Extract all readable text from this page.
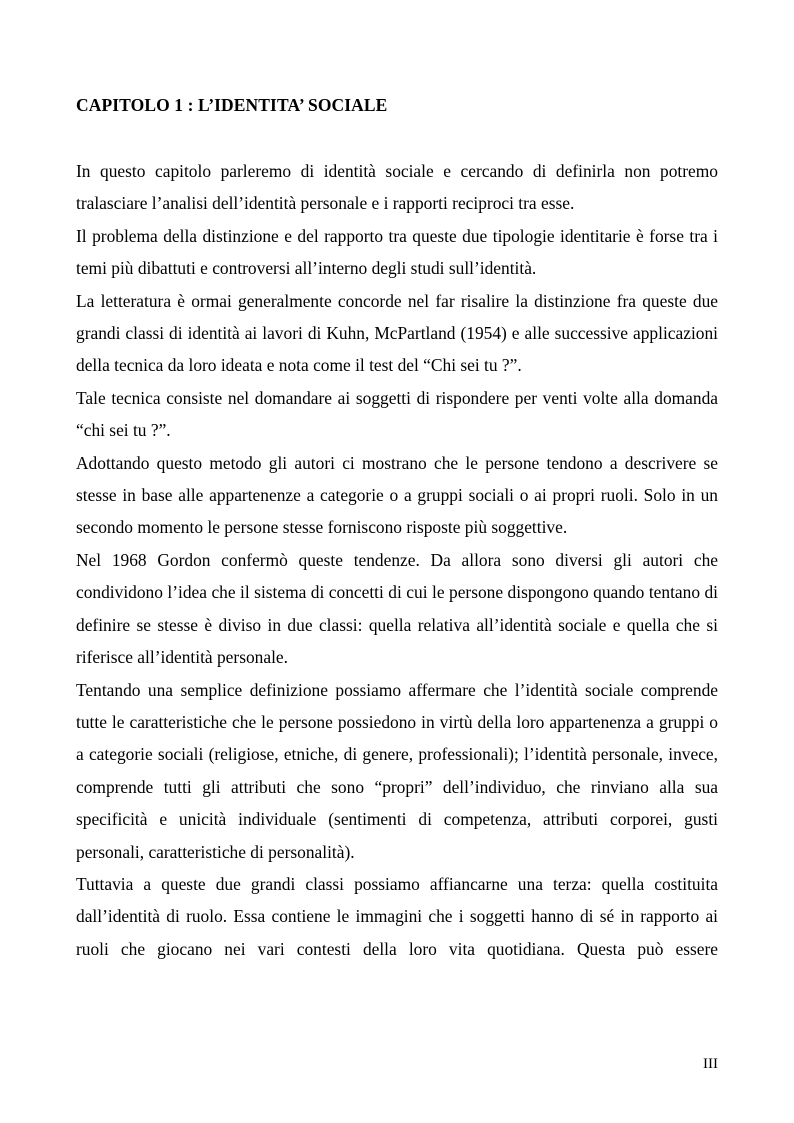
CAPITOLO 1 : L’IDENTITA’ SOCIALE

In questo capitolo parleremo di identità sociale e cercando di definirla non potremo tralasciare l’analisi dell’identità personale e i rapporti reciproci tra esse.

Il problema della distinzione e del rapporto tra queste due tipologie identitarie è forse tra i temi più dibattuti e controversi all’interno degli studi sull’identità.

La letteratura è ormai generalmente concorde nel far risalire la distinzione fra queste due grandi classi di identità ai lavori di Kuhn, McPartland (1954) e alle successive applicazioni della tecnica da loro ideata e nota come il test del “Chi sei tu ?”.

Tale tecnica consiste nel domandare ai soggetti di rispondere per venti volte alla domanda “chi sei tu ?”.

Adottando questo metodo gli autori ci mostrano che le persone tendono a descrivere se stesse in base alle appartenenze a categorie o a gruppi sociali o ai propri ruoli. Solo in un secondo momento le persone stesse forniscono risposte più soggettive.

Nel 1968 Gordon confermò queste tendenze. Da allora sono diversi gli autori che condividono l’idea che il sistema di concetti di cui le persone dispongono quando tentano di definire se stesse è diviso in due classi: quella relativa all’identità sociale e quella che si riferisce all’identità personale.

Tentando una semplice definizione possiamo affermare che l’identità sociale comprende tutte le caratteristiche che le persone possiedono in virtù della loro appartenenza a gruppi o a categorie sociali (religiose, etniche, di genere, professionali); l’identità personale, invece, comprende tutti gli attributi che sono “propri” dell’individuo, che rinviano alla sua specificità e unicità individuale (sentimenti di competenza, attributi corporei, gusti personali, caratteristiche di personalità).

Tuttavia a queste due grandi classi possiamo affiancarne una terza: quella costituita dall’identità di ruolo. Essa contiene le immagini che i soggetti hanno di sé in rapporto ai ruoli che giocano nei vari contesti della loro vita quotidiana. Questa può essere

III
